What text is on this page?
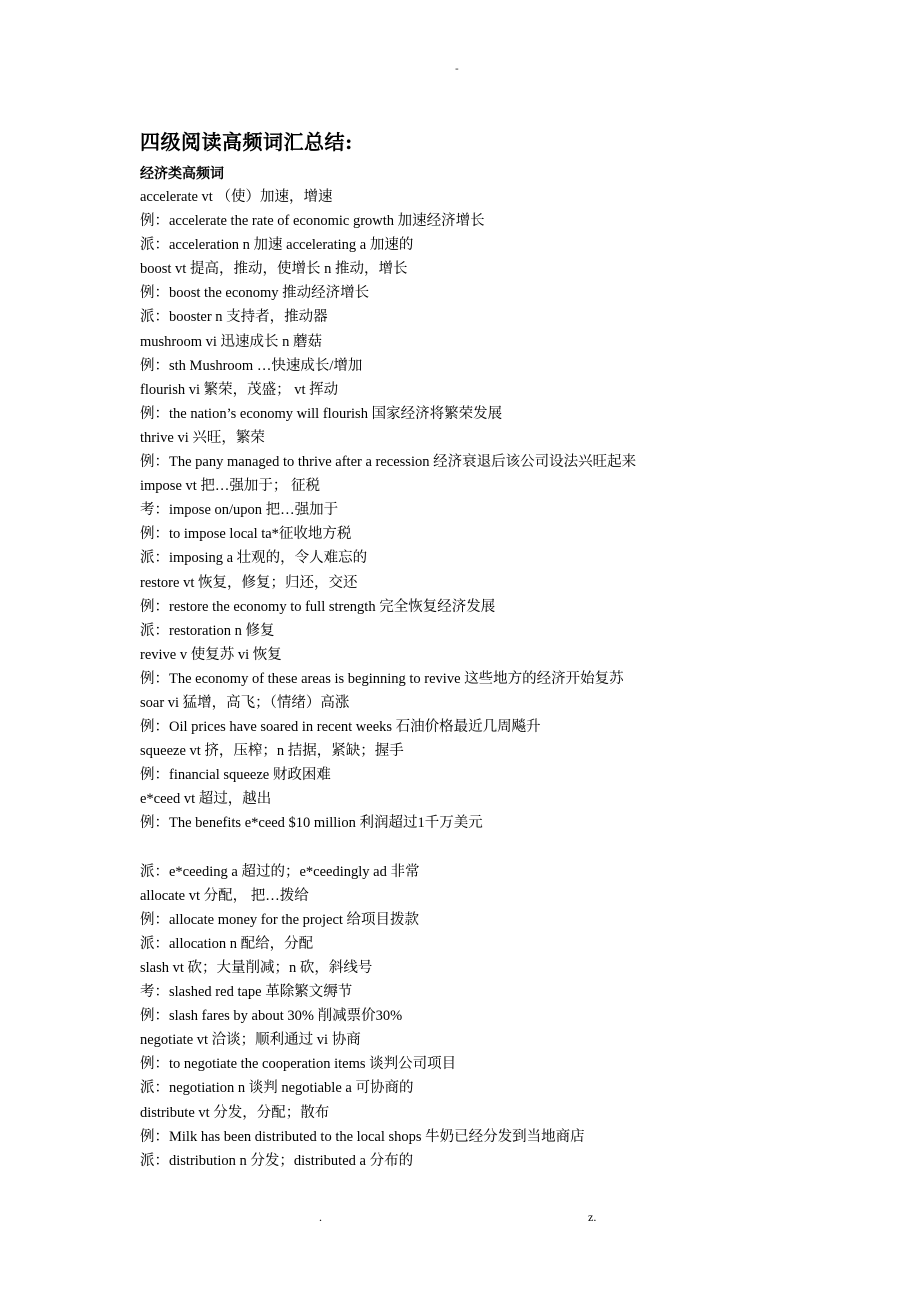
-
四级阅读高频词汇总结:
经济类高频词
accelerate vt （使）加速，增速
例：accelerate the rate of economic growth 加速经济增长
派：acceleration n 加速 accelerating a 加速的
boost vt 提高，推动，使增长 n 推动，增长
例：boost the economy 推动经济增长
派：booster n 支持者，推动器
mushroom vi 迅速成长 n 蘑菇
例：sth Mushroom …快速成长/增加
flourish vi 繁荣，茂盛； vt 挥动
例：the nation’s economy will flourish 国家经济将繁荣发展
thrive vi 兴旺，繁荣
例：The pany managed to thrive after a recession 经济衰退后该公司设法兴旺起来
impose vt 把…强加于； 征税
考：impose on/upon 把…强加于
例：to impose local ta*征收地方税
派：imposing a 壮观的，令人难忘的
restore vt 恢复，修复；归还，交还
例：restore the economy to full strength 完全恢复经济发展
派：restoration n 修复
revive v 使复苏 vi 恢复
例：The economy of these areas is beginning to revive 这些地方的经济开始复苏
soar vi 猛增，高飞；（情绪）高涨
例：Oil prices have soared in recent weeks 石油价格最近几周飚升
squeeze vt 挤，压榨；n 拮据，紧缺；握手
例：financial squeeze 财政困难
e*ceed vt 超过，越出
例：The benefits e*ceed $10 million 利润超过1千万美元
派：e*ceeding a 超过的；e*ceedingly ad 非常
allocate vt 分配， 把…拨给
例：allocate money for the project 给项目拨款
派：allocation n 配给，分配
slash vt 砍；大量削减；n 砍，斜线号
考：slashed red tape 革除繁文缛节
例：slash fares by about 30% 削减票价30%
negotiate vt 洽谈；顺利通过 vi 协商
例：to negotiate the cooperation items 谈判公司项目
派：negotiation n 谈判 negotiable a 可协商的
distribute vt 分发，分配；散布
例：Milk has been distributed to the local shops 牛奶已经分发到当地商店
派：distribution n 分发；distributed a 分布的
.	z.
